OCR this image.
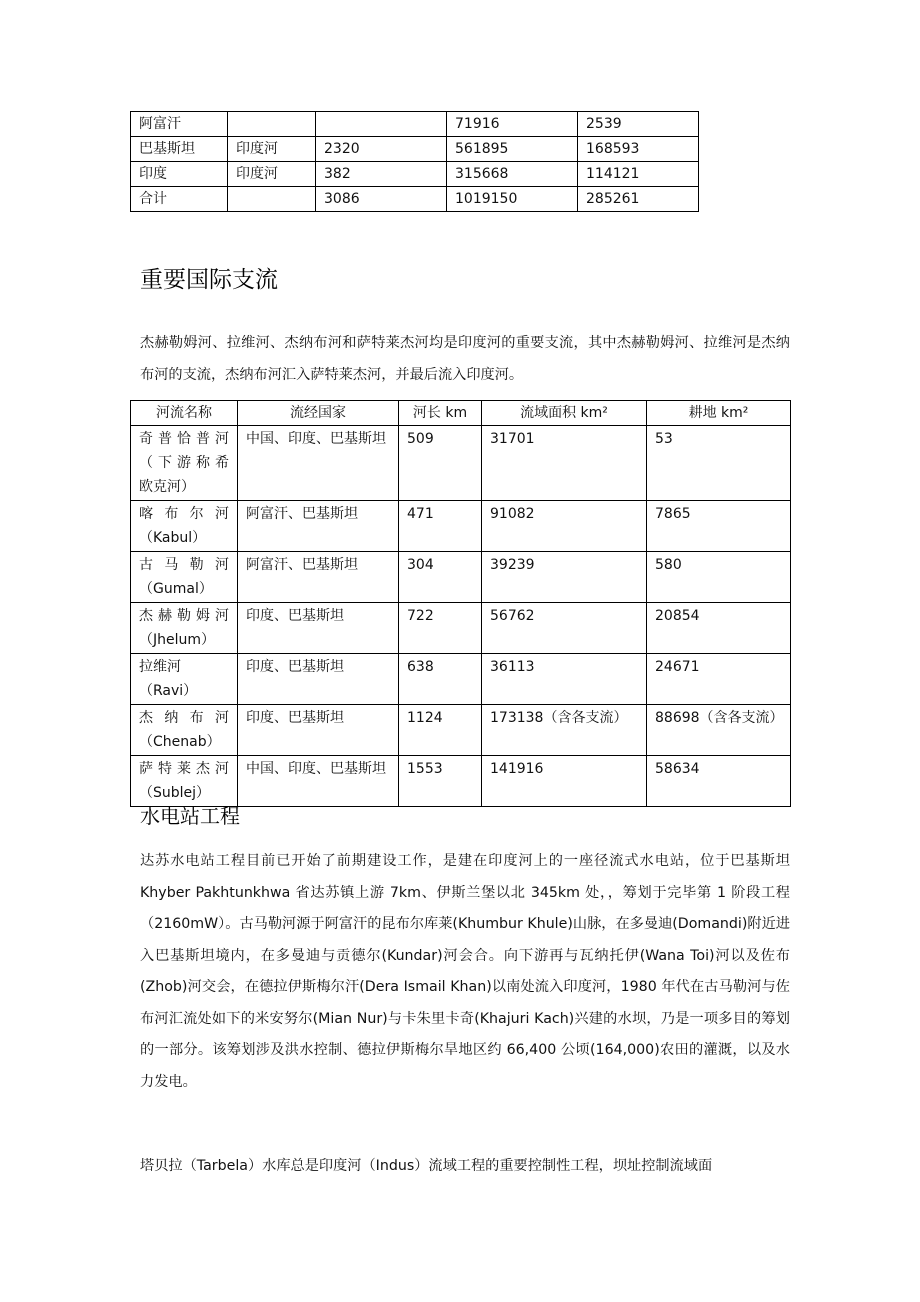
阿富汗			71916	2539
巴基斯坦	印度河	2320	561895	168593
印度	印度河	382	315668	114121
合计		3086	1019150	285261
重要国际支流

杰赫勒姆河、拉维河、杰纳布河和萨特莱杰河均是印度河的重要支流，其中杰赫勒姆河、拉维河是杰纳布河的支流，杰纳布河汇入萨特莱杰河，并最后流入印度河。

河流名称	流经国家	河长 km	流域面积 km²	耕地 km²

奇普恰普河
（下游称希
欧克河）	中国、印度、巴基斯坦	509	31701	53

喀布尔河
（Kabul）	阿富汗、巴基斯坦	471	91082	7865

古马勒河
（Gumal）	阿富汗、巴基斯坦	304	39239	580

杰赫勒姆河
（Jhelum）	印度、巴基斯坦	722	56762	20854

拉维河（Ravi）	印度、巴基斯坦	638	36113	24671

杰纳布河
（Chenab）	印度、巴基斯坦	1124	173138（含各支流）	88698（含各支流）

萨特莱杰河
（Sublej）	中国、印度、巴基斯坦	1553	141916	58634
水电站工程

达苏水电站工程目前已开始了前期建设工作，是建在印度河上的一座径流式水电站，位于巴基斯坦 Khyber Pakhtunkhwa 省达苏镇上游 7km、伊斯兰堡以北 345km 处，，筹划于完毕第 1 阶段工程（2160mW）。古马勒河源于阿富汗的昆布尔库莱(Khumbur Khule)山脉，在多曼迪(Domandi)附近进入巴基斯坦境内，在多曼迪与贡德尔(Kundar)河会合。向下游再与瓦纳托伊(Wana Toi)河以及佐布(Zhob)河交会，在德拉伊斯梅尔汗(Dera Ismail Khan)以南处流入印度河，1980 年代在古马勒河与佐布河汇流处如下的米安努尔(Mian Nur)与卡朱里卡奇(Khajuri Kach)兴建的水坝，乃是一项多目的筹划的一部分。该筹划涉及洪水控制、德拉伊斯梅尔旱地区约 66,400 公顷(164,000)农田的灌溉，以及水力发电。

塔贝拉（Tarbela）水库总是印度河（Indus）流域工程的重要控制性工程，坝址控制流域面
